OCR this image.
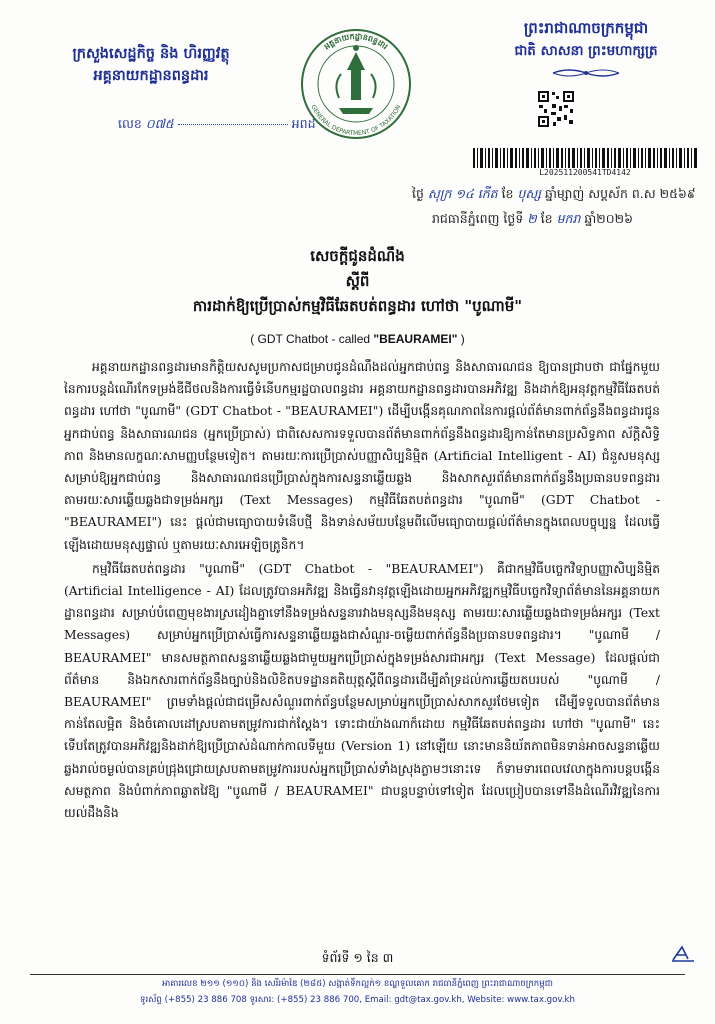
ក្រសួងសេដ្ឋកិច្ច និង ហិរញ្ញវត្ថុ
អគ្គនាយកដ្ឋានពន្ធដារ
លេខ ០៧៥	អពដ
អគ្គនាយកដ្ឋានពន្ធដារ
GENERAL DEPARTMENT OF TAXATION
ព្រះរាជាណាចក្រកម្ពុជា
ជាតិ សាសនា ព្រះមហាក្សត្រ
L202511200541TD4142
ថ្ងៃ សុក្រ ១៤ កើត ខែ បុស្ស ឆ្នាំម្សាញ់ សប្តស័ក ព.ស ២៥៦៩
រាជធានីភ្នំពេញ ថ្ងៃទី ២ ខែ មករា ឆ្នាំ២០២៦
សេចក្តីជូនដំណឹង
ស្តីពី
ការដាក់ឱ្យប្រើប្រាស់កម្មវិធីឆែតបត់ពន្ធដារ ហៅថា "បូណាមី"
( GDT Chatbot - called "BEAURAMEI" )

អគ្គនាយកដ្ឋានពន្ធដារមានកិត្តិយសសូមប្រកាសជម្រាបជូនដំណឹងដល់អ្នកជាប់ពន្ធ និងសាធារណជន ឱ្យបានជ្រាបថា ជាផ្នែកមួយនៃការបន្តដំណើរកែទម្រង់ឌីជីថលនិងការធ្វើទំនើបកម្មរដ្ឋបាលពន្ធដារ អគ្គនាយកដ្ឋានពន្ធដារបានអភិវឌ្ឍ និងដាក់ឱ្យអនុវត្តកម្មវិធីឆែតបត់ពន្ធដារ ហៅថា "បូណាមី" (GDT Chatbot - "BEAURAMEI") ដើម្បីបង្កើនគុណភាពនៃការផ្តល់ព័ត៌មានពាក់ព័ន្ធនឹងពន្ធដារជូនអ្នកជាប់ពន្ធ និងសាធារណជន (អ្នកប្រើប្រាស់) ជាពិសេសការទទួលបានព័ត៌មានពាក់ព័ន្ធនឹងពន្ធដារឱ្យកាន់តែមានប្រសិទ្ធភាព ស័ក្តិសិទ្ធិភាព និងមានលក្ខណៈសាមញ្ញបន្ថែមទៀត។ តាមរយៈការប្រើប្រាស់បញ្ញាសិប្បនិម្មិត (Artificial Intelligent - AI) ជំនួសមនុស្សសម្រាប់ឱ្យអ្នកជាប់ពន្ធ និងសាធារណជនប្រើប្រាស់ក្នុងការសន្ទនាឆ្លើយឆ្លង និងសាកសួរព័ត៌មានពាក់ព័ន្ធនឹងប្រធានបទពន្ធដារ តាមរយៈសារឆ្លើយឆ្លងជាទម្រង់អក្សរ (Text Messages) កម្មវិធីឆែតបត់ពន្ធដារ "បូណាមី" (GDT Chatbot - "BEAURAMEI") នេះ ផ្តល់ជាមធ្យោបាយទំនើបថ្មី និងទាន់សម័យបន្ថែមពីលើមធ្យោបាយផ្តល់ព័ត៌មានក្នុងពេលបច្ចុប្បន្ន ដែលធ្វើឡើងដោយមនុស្សផ្ទាល់ ឬតាមរយៈសារអេឡិចត្រូនិក។

កម្មវិធីឆែតបត់ពន្ធដារ "បូណាមី" (GDT Chatbot - "BEAURAMEI") គឺជាកម្មវិធីបច្ចេកវិទ្យាបញ្ញាសិប្បនិម្មិត (Artificial Intelligence - AI) ដែលត្រូវបានអភិវឌ្ឍ និងធ្វើនវានុវត្តឡើងដោយអ្នកអភិវឌ្ឍកម្មវិធីបច្ចេកវិទ្យាព័ត៌មាននៃអគ្គនាយកដ្ឋានពន្ធដារ សម្រាប់បំពេញមុខងារស្រដៀងគ្នាទៅនឹងទម្រង់សន្ទនារវាងមនុស្សនឹងមនុស្ស តាមរយៈសារឆ្លើយឆ្លងជាទម្រង់អក្សរ (Text Messages) សម្រាប់អ្នកប្រើប្រាស់ធ្វើការសន្ទនាឆ្លើយឆ្លងជាសំណួរ-ចម្លើយពាក់ព័ន្ធនឹងប្រធានបទពន្ធដារ។ "បូណាមី / BEAURAMEI" មានសមត្ថភាពសន្ទនាឆ្លើយឆ្លងជាមួយអ្នកប្រើប្រាស់ក្នុងទម្រង់សារជាអក្សរ (Text Message) ដែលផ្តល់ជាព័ត៌មាន និងឯកសារពាក់ព័ន្ធនឹងច្បាប់និងលិខិតបទដ្ឋានគតិយុត្តស្តីពីពន្ធដារដើម្បីគាំទ្រដល់ការឆ្លើយតបរបស់ "បូណាមី / BEAURAMEI" ព្រមទាំងផ្តល់ជាជម្រើសសំណួរពាក់ព័ន្ធបន្ថែមសម្រាប់អ្នកប្រើប្រាស់សាកសួរថែមទៀត ដើម្បីទទួលបានព័ត៌មានកាន់តែលម្អិត និងចំគោលដៅស្របតាមតម្រូវការជាក់ស្តែង។ ទោះជាយ៉ាងណាក៏ដោយ កម្មវិធីឆែតបត់ពន្ធដារ ហៅថា "បូណាមី" នេះ ទើបតែត្រូវបានអភិវឌ្ឍនិងដាក់ឱ្យប្រើប្រាស់ដំណាក់កាលទីមួយ (Version 1) នៅឡើយ នោះមាននិយ័តភាពមិនទាន់អាចសន្ទនាឆ្លើយឆ្លងរាល់ចម្ងល់បានគ្រប់ជ្រុងជ្រោយស្របតាមតម្រូវការរបស់អ្នកប្រើប្រាស់ទាំងស្រុងភ្លាមៗនោះទេ ក៏ទាមទារពេលវេលាក្នុងការបន្តបង្កើនសមត្ថភាព និងបំពាក់ភាពឆ្លាតវៃឱ្យ "បូណាមី / BEAURAMEI" ជាបន្តបន្ទាប់ទៅទៀត ដែលប្រៀបបានទៅនឹងដំណើរវិវឌ្ឍនៃការយល់ដឹងនិង

ទំព័រទី ១ នៃ ៣
អាគារលេខ ២១១ (១១០) និង សេរីរម៉ាឌៃ (២៨៥) សង្កាត់ទឹកល្អក់១ ខណ្ឌទួលគោក រាជធានីភ្នំពេញ ព្រះរាជាណាចក្រកម្ពុជា
ទូរស័ព្ទ (+855) 23 886 708 ទូរសារ: (+855) 23 886 700, Email: gdt@tax.gov.kh, Website: www.tax.gov.kh
